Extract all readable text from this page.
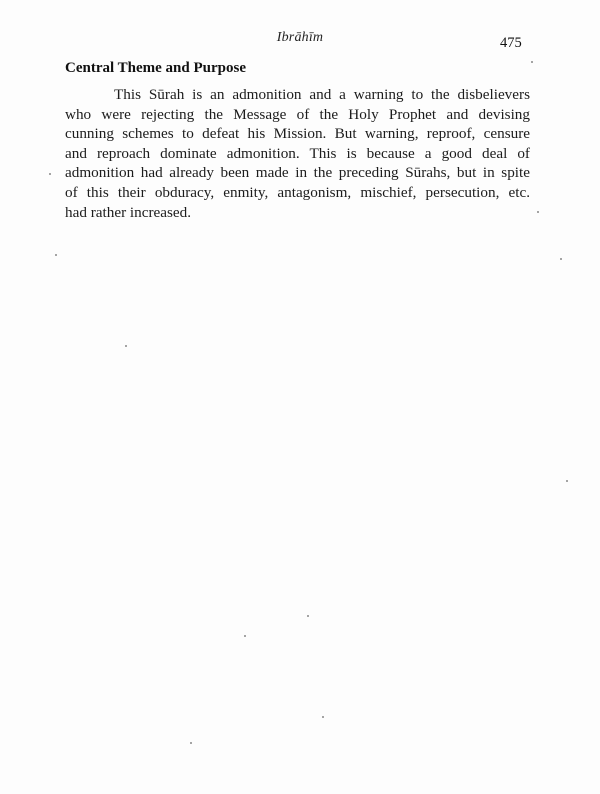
Ibrāhīm	475
Central Theme and Purpose

This Sūrah is an admonition and a warning to the disbelievers
who were rejecting the Message of the Holy Prophet and devising
cunning schemes to defeat his Mission. But warning, reproof, censure
and reproach dominate admonition. This is because a good deal of
admonition had already been made in the preceding Sūrahs, but in spite
of this their obduracy, enmity, antagonism, mischief, persecution, etc.
had rather increased.
